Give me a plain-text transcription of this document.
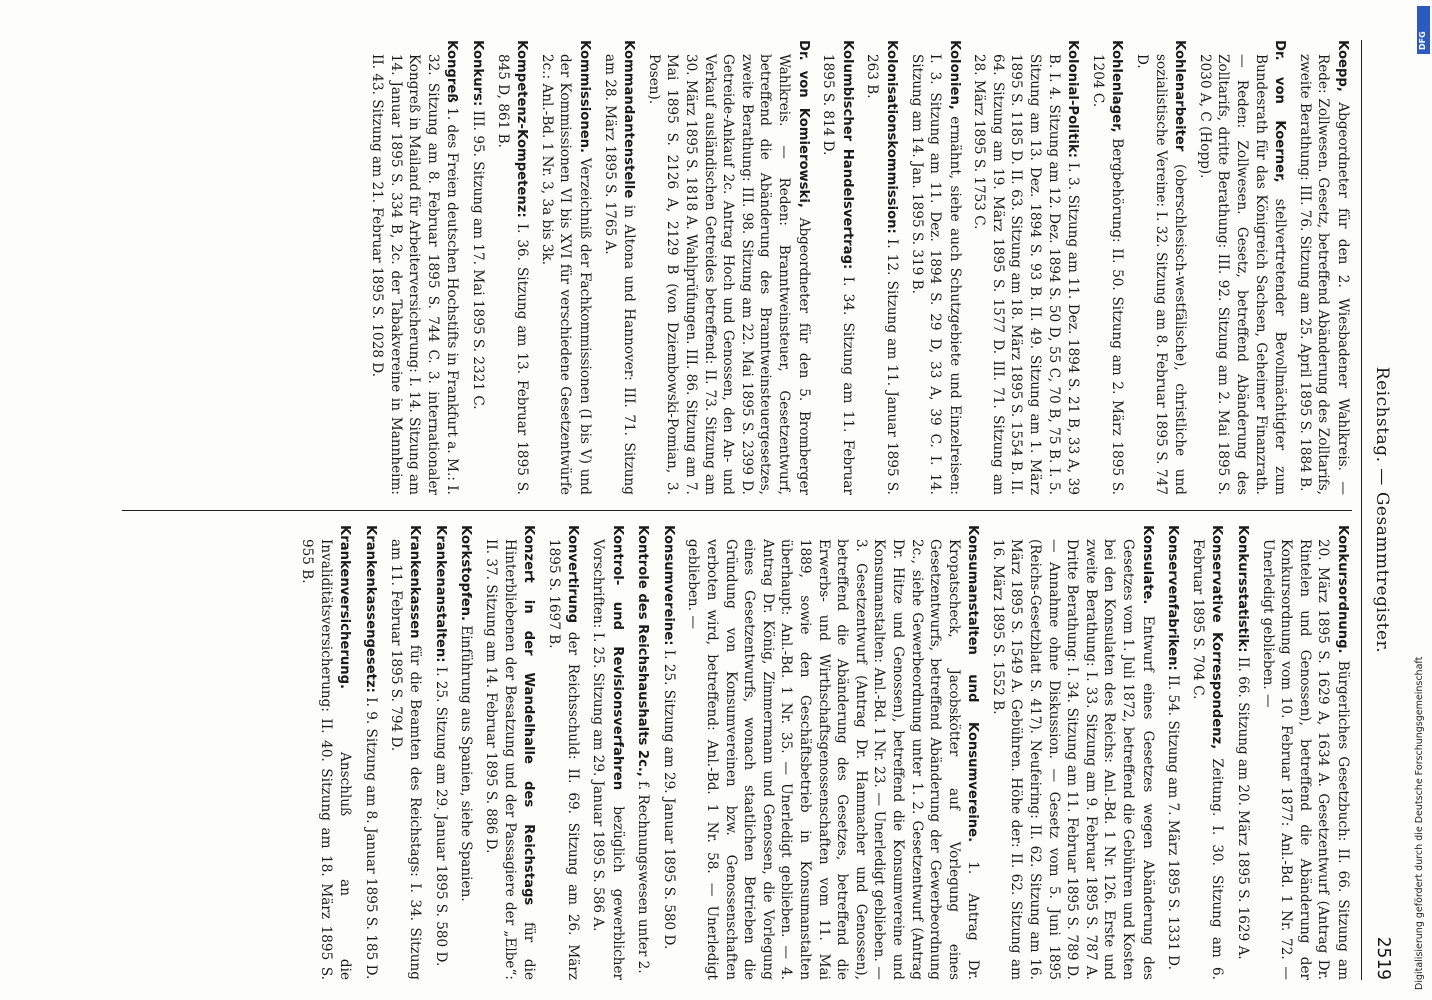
Reichstag. — Gesammtregister.
2519
Koepp, Abgeordneter für den 2. Wiesbadener Wahlkreis. — Rede: Zollwesen. Gesetz, betreffend Abänderung des Zolltarifs, zweite Berathung: III. 76. Sitzung am 25. April 1895 S. 1884 B.
Dr. von Koerner, stellvertretender Bevollmächtigter zum Bundesrath für das Königreich Sachsen, Geheimer Finanzrath. — Reden: Zollwesen. Gesetz, betreffend Abänderung des Zolltarifs, dritte Berathung: III. 92. Sitzung am 2. Mai 1895 S. 2030 A, C (Hopp).
Kohlenarbeiter (oberschlesisch-westfälische), christliche und sozialistische Vereine: I. 32. Sitzung am 8. Februar 1895 S. 747 D.
Kohlenlager, Bergbehörung: II. 50. Sitzung am 2. März 1895 S. 1204 C.
Kolonial-Politik: I. 3. Sitzung am 11. Dez. 1894 S. 21 B, 33 A, 39 B. I. 4. Sitzung am 12. Dez. 1894 S. 50 D, 55 C, 70 B, 75 B. I. 5. Sitzung am 13. Dez. 1894 S. 93 B. II. 49. Sitzung am 1. März 1895 S. 1185 D. II. 63. Sitzung am 18. März 1895 S. 1554 B. II. 64. Sitzung am 19. März 1895 S. 1577 D. III. 71. Sitzung am 28. März 1895 S. 1753 C.
Kolonien, ermähnt, siehe auch Schutzgebiete und Einzelreisen: I. 3. Sitzung am 11. Dez. 1894 S. 29 D, 33 A, 39 C. I. 14. Sitzung am 14. Jan. 1895 S. 319 B.
Kolonisationskommission: I. 12. Sitzung am 11. Januar 1895 S. 263 B.
Kolumbischer Handelsvertrag: I. 34. Sitzung am 11. Februar 1895 S. 814 D.
Dr. von Komierowski, Abgeordneter für den 5. Bromberger Wahlkreis. — Reden: Branntweinsteuer, Gesetzentwurf, betreffend die Abänderung des Branntweinsteuergesetzes, zweite Berathung: III. 98. Sitzung am 22. Mai 1895 S. 2399 D. Getreide-Ankauf 2c. Antrag Hoch und Genossen, den An- und Verkauf ausländischen Getreides betreffend: II. 73. Sitzung am 30. März 1895 S. 1818 A. Wahlprüfungen. III. 86. Sitzung am 7. Mai 1895 S. 2126 A, 2129 B (von Dziembowski-Pomian, 3. Posen).
Kommandantenstelle in Altona und Hannover: III. 71. Sitzung am 28. März 1895 S. 1765 A.
Kommissionen. Verzeichniß der Fachkommissionen (I bis V) und der Kommissionen VI bis XVI für verschiedene Gesetzentwürfe 2c.: Anl.-Bd. 1 Nr. 3, 3a bis 3k.
Kompetenz-Kompetenz: I. 36. Sitzung am 13. Februar 1895 S. 845 D, 861 B.
Konkurs: III. 95. Sitzung am 17. Mai 1895 S. 2321 C.
Kongreß 1. des Freien deutschen Hochstifts in Frankfurt a. M.: I. 32. Sitzung am 8. Februar 1895 S. 744 C. 3. internationaler Kongreß in Mailand für Arbeiterversicherung: I. 14. Sitzung am 14. Januar 1895 S. 334 B, 2c. der Tabakvereine in Mannheim: II. 43. Sitzung am 21. Februar 1895 S. 1028 D.
Konkursordnung. Bürgerliches Gesetzbuch: II. 66. Sitzung am 20. März 1895 S. 1629 A, 1634 A. Gesetzentwurf (Antrag Dr. Rintelen und Genossen), betreffend die Abänderung der Konkursordnung vom 10. Februar 1877: Anl.-Bd. 1 Nr. 72. — Unerledigt geblieben. —
Konkursstatistik: II. 66. Sitzung am 20. März 1895 S. 1629 A.
Konservative Korrespondenz, Zeitung. I. 30. Sitzung am 6. Februar 1895 S. 704 C.
Konservenfabriken: II. 54. Sitzung am 7. März 1895 S. 1331 D.
Konsulate. Entwurf eines Gesetzes wegen Abänderung des Gesetzes vom 1. Juli 1872, betreffend die Gebühren und Kosten bei den Konsulaten des Reichs: Anl.-Bd. 1 Nr. 126. Erste und zweite Berathung: I. 33. Sitzung am 9. Februar 1895 S. 787 A. Dritte Berathung: I. 34. Sitzung am 11. Februar 1895 S. 789 D. — Annahme ohne Diskussion. — Gesetz vom 5. Juni 1895 (Reichs-Gesetzblatt S. 417). Neufeiring: II. 62. Sitzung am 16. März 1895 S. 1549 A. Gebühren. Höhe der: II. 62. Sitzung am 16. März 1895 S. 1552 B.
Konsumanstalten und Konsumvereine. 1. Antrag Dr. Kropatscheck, Jacobskötter auf Vorlegung eines Gesetzentwurfs, betreffend Abänderung der Gewerbeordnung 2c., siehe Gewerbeordnung unter 1. 2. Gesetzentwurf (Antrag Dr. Hitze und Genossen), betreffend die Konsumvereine und Konsumanstalten: Anl.-Bd. 1 Nr. 23. — Unerledigt geblieben. — 3. Gesetzentwurf (Antrag Dr. Hammacher und Genossen), betreffend die Abänderung des Gesetzes, betreffend die Erwerbs- und Wirthschaftsgenossenschaften vom 11. Mai 1889, sowie den Geschäftsbetrieb in Konsumanstalten überhaupt: Anl.-Bd. 1 Nr. 35. — Unerledigt geblieben. — 4. Antrag Dr. König, Zimmermann und Genossen, die Vorlegung eines Gesetzentwurfs, wonach staatlichen Betrieben die Gründung von Konsumvereinen bzw. Genossenschaften verboten wird, betreffend: Anl.-Bd. 1 Nr. 58. — Unerledigt geblieben. —
Konsumvereine: I. 25. Sitzung am 29. Januar 1895 S. 580 D.
Kontrole des Reichshaushalts 2c., f. Rechnungswesen unter 2.
Kontrol- und Revisionsverfahren bezüglich gewerblicher Vorschriften: I. 25. Sitzung am 29. Januar 1895 S. 586 A.
Konvertirung der Reichsschuld: II. 69. Sitzung am 26. März 1895 S. 1697 B.
Konzert in der Wandelhalle des Reichstags für die Hinterbliebenen der Besatzung und der Passagiere der „Elbe“: II. 37. Sitzung am 14. Februar 1895 S. 886 D.
Korkstopfen. Einführung aus Spanien, siehe Spanien.
Krankenanstalten: I. 25. Sitzung am 29. Januar 1895 S. 580 D.
Krankenkassen für die Beamten des Reichstags: I. 34. Sitzung am 11. Februar 1895 S. 794 D.
Krankenkassengesetz: I. 9. Sitzung am 8. Januar 1895 S. 185 D.
Krankenversicherung. Anschluß an die Invaliditätsversicherung: II. 40. Sitzung am 18. März 1895 S. 955 B.
DFG
Digitalisierung gefördert durch die Deutsche Forschungsgemeinschaft
